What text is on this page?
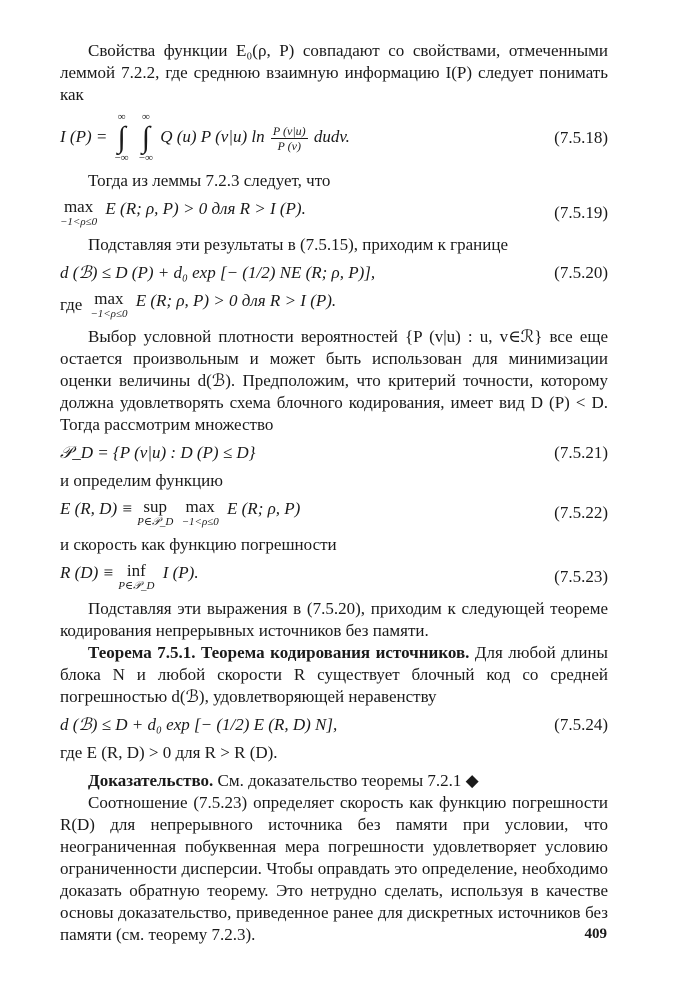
Свойства функции E₀(ρ, P) совпадают со свойствами, отмеченными леммой 7.2.2, где среднюю взаимную информацию I(P) следует понимать как

I (P) =
∞
∫
−∞

∞
∫
−∞
Q (u) P (v|u) $\ln \frac{P (v|u)}{P (v)}$ dudv.	(7.5.18)

Тогда из леммы 7.2.3 следует, что

max
−1<ρ≤0
E (R; ρ, P) > 0 для R > I (P).	(7.5.19)

Подставляя эти результаты в (7.5.15), приходим к границе

d (ℬ) ≤ D (P) + d₀ exp [− (1/2) NE (R; ρ, P)],	(7.5.20)
где max
−1<ρ≤0
E (R; ρ, P) > 0 для R > I (P).

Выбор условной плотности вероятностей {P (v|u) : u, v∈ℛ} все еще остается произвольным и может быть использован для минимизации оценки величины d(ℬ). Предположим, что критерий точности, которому должна удовлетворять схема блочного кодирования, имеет вид D (P) < D. Тогда рассмотрим множество

𝒫_D = {P (v|u) : D (P) ≤ D}	(7.5.21)

и определим функцию

E (R, D) ≡ sup
P∈𝒫_D

max
−1<ρ≤0
E (R; ρ, P)	(7.5.22)

и скорость как функцию погрешности

R (D) ≡ inf
P∈𝒫_D
I (P).	(7.5.23)

Подставляя эти выражения в (7.5.20), приходим к следующей теореме кодирования непрерывных источников без памяти.

Теорема 7.5.1. Теорема кодирования источников. Для любой длины блока N и любой скорости R существует блочный код со средней погрешностью d(ℬ), удовлетворяющей неравенству

d (ℬ) ≤ D + d₀ exp [− (1/2) E (R, D) N],	(7.5.24)

где E (R, D) > 0 для R > R (D).

Доказательство. См. доказательство теоремы 7.2.1 ◆

Соотношение (7.5.23) определяет скорость как функцию погрешности R(D) для непрерывного источника без памяти при условии, что неограниченная побуквенная мера погрешности удовлетворяет условию ограниченности дисперсии. Чтобы оправдать это определение, необходимо доказать обратную теорему. Это нетрудно сделать, используя в качестве основы доказательство, приведенное ранее для дискретных источников без памяти (см. теорему 7.2.3).	409
